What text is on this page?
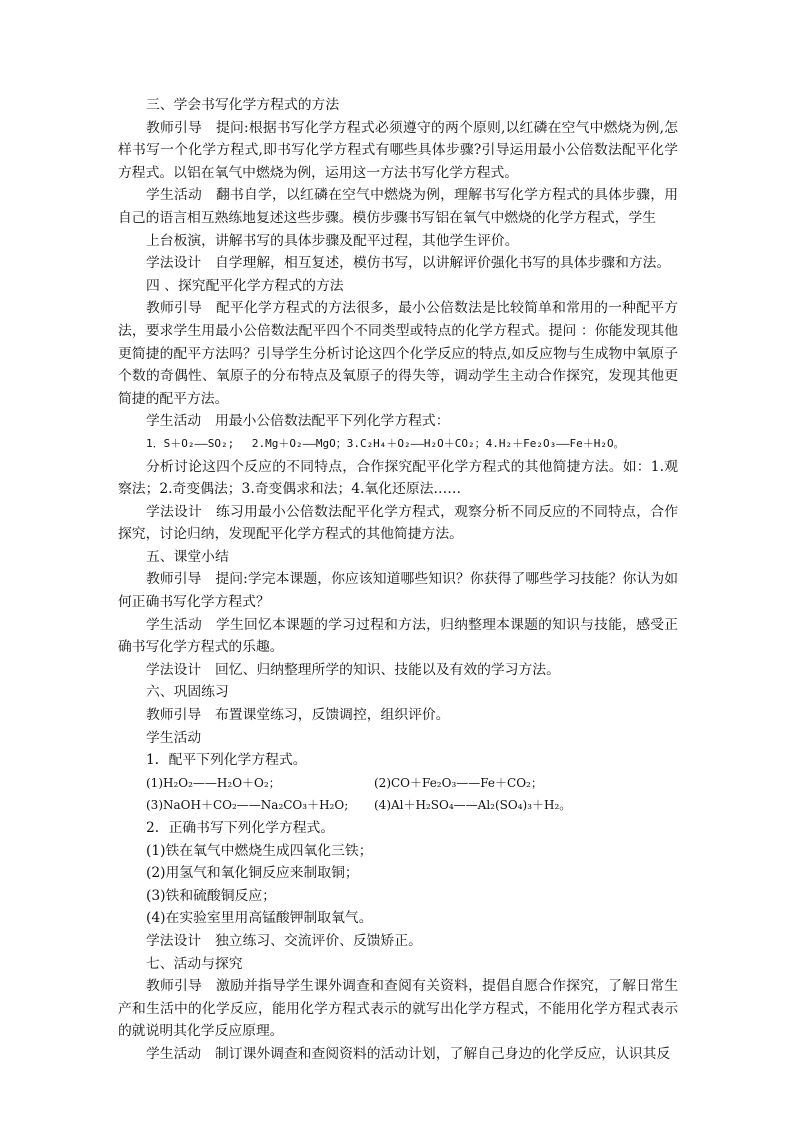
三、学会书写化学方程式的方法

教师引导　提问:根据书写化学方程式必须遵守的两个原则,以红磷在空气中燃烧为例,怎样书写一个化学方程式,即书写化学方程式有哪些具体步骤?引导运用最小公倍数法配平化学方程式。以铝在氧气中燃烧为例，运用这一方法书写化学方程式。

学生活动　翻书自学，以红磷在空气中燃烧为例，理解书写化学方程式的具体步骤，用自己的语言相互熟练地复述这些步骤。模仿步骤书写铝在氧气中燃烧的化学方程式，学生

上台板演，讲解书写的具体步骤及配平过程，其他学生评价。

学法设计　自学理解，相互复述，模仿书写，以讲解评价强化书写的具体步骤和方法。

四 、探究配平化学方程式的方法

教师引导　配平化学方程式的方法很多，最小公倍数法是比较简单和常用的一种配平方法，要求学生用最小公倍数法配平四个不同类型或特点的化学方程式。提问 ：你能发现其他更简捷的配平方法吗？引导学生分析讨论这四个化学反应的特点,如反应物与生成物中氧原子个数的奇偶性、氧原子的分布特点及氧原子的得失等，调动学生主动合作探究，发现其他更简捷的配平方法。

学生活动　用最小公倍数法配平下列化学方程式：

1．S＋O₂——SO₂;　 2.Mg＋O₂——MgO；3.C₂H₄＋O₂——H₂O＋CO₂；4.H₂＋Fe₂O₃——Fe＋H₂O。

分析讨论这四个反应的不同特点，合作探究配平化学方程式的其他简捷方法。如：1.观察法；2.奇变偶法；3.奇变偶求和法；4.氧化还原法……

学法设计　练习用最小公倍数法配平化学方程式，观察分析不同反应的不同特点，合作探究，讨论归纳，发现配平化学方程式的其他简捷方法。

五、课堂小结

教师引导　提问:学完本课题，你应该知道哪些知识？你获得了哪些学习技能？你认为如何正确书写化学方程式？

学生活动　学生回忆本课题的学习过程和方法，归纳整理本课题的知识与技能，感受正确书写化学方程式的乐趣。

学法设计　回忆、归纳整理所学的知识、技能以及有效的学习方法。

六、巩固练习

教师引导　布置课堂练习，反馈调控，组织评价。

学生活动

1．配平下列化学方程式。

(1)H₂O₂——H₂O＋O₂；	(2)CO＋Fe₂O₃——Fe＋CO₂；
(3)NaOH＋CO₂——Na₂CO₃＋H₂O;	(4)Al＋H₂SO₄——Al₂(SO₄)₃＋H₂。

2．正确书写下列化学方程式。

(1)铁在氧气中燃烧生成四氧化三铁；

(2)用氢气和氧化铜反应来制取铜；

(3)铁和硫酸铜反应；

(4)在实验室里用高锰酸钾制取氧气。

学法设计　独立练习、交流评价、反馈矫正。

七、活动与探究

教师引导　激励并指导学生课外调查和查阅有关资料，提倡自愿合作探究，了解日常生产和生活中的化学反应，能用化学方程式表示的就写出化学方程式，不能用化学方程式表示的就说明其化学反应原理。

学生活动　制订课外调查和查阅资料的活动计划，了解自己身边的化学反应，认识其反
